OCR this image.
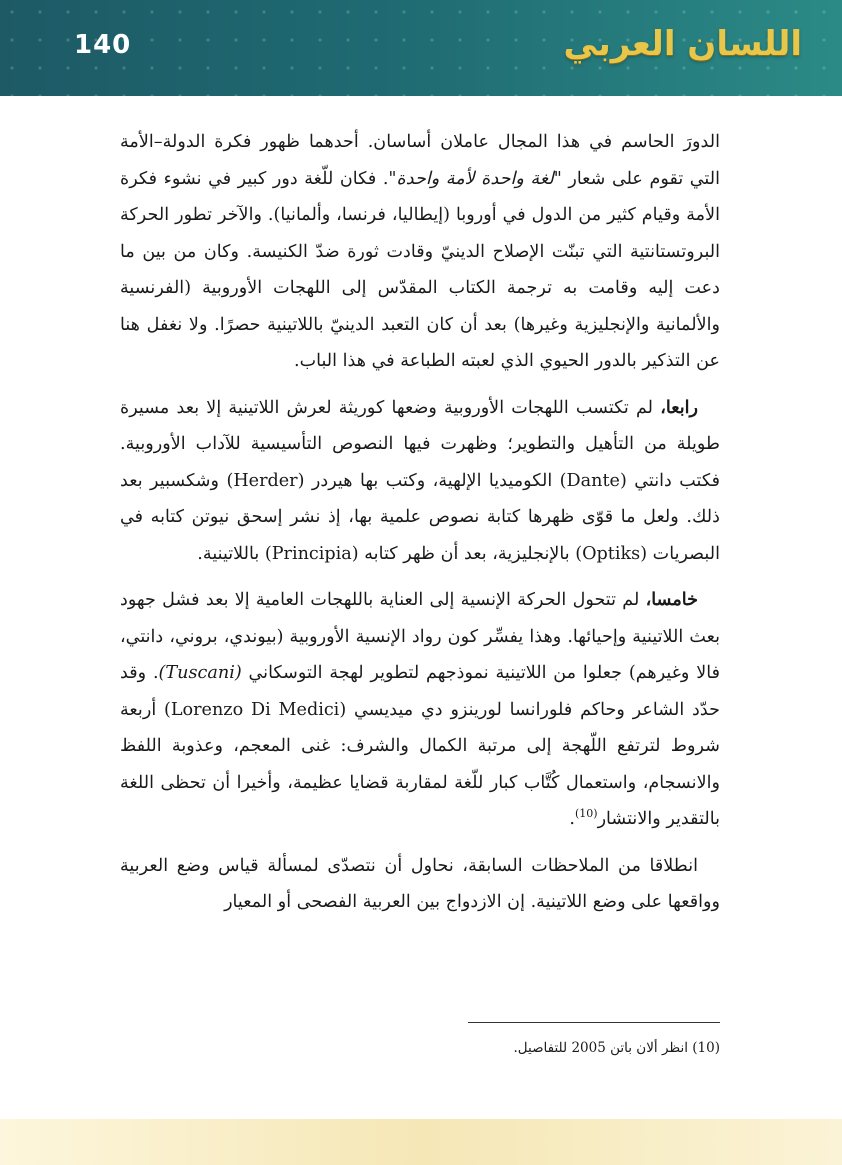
140	اللسان العربي

الدورَ الحاسم في هذا المجال عاملان أساسان. أحدهما ظهور فكرة الدولة–الأمة التي تقوم على شعار "لغة واحدة لأمة واحدة". فكان للّغة دور كبير في نشوء فكرة الأمة وقيام كثير من الدول في أوروبا (إيطاليا، فرنسا، وألمانيا). والآخر تطور الحركة البروتستانتية التي تبنّت الإصلاح الدينيّ وقادت ثورة ضدّ الكنيسة. وكان من بين ما دعت إليه وقامت به ترجمة الكتاب المقدّس إلى اللهجات الأوروبية (الفرنسية والألمانية والإنجليزية وغيرها) بعد أن كان التعبد الدينيّ باللاتينية حصرًا. ولا نغفل هنا عن التذكير بالدور الحيوي الذي لعبته الطباعة في هذا الباب.

رابعا، لم تكتسب اللهجات الأوروبية وضعها كوريثة لعرش اللاتينية إلا بعد مسيرة طويلة من التأهيل والتطوير؛ وظهرت فيها النصوص التأسيسية للآداب الأوروبية. فكتب دانتي (Dante) الكوميديا الإلهية، وكتب بها هيردر (Herder) وشكسبير بعد ذلك. ولعل ما قوّى ظهرها كتابة نصوص علمية بها، إذ نشر إسحق نيوتن كتابه في البصريات (Optiks) بالإنجليزية، بعد أن ظهر كتابه (Principia) باللاتينية.

خامسا، لم تتحول الحركة الإنسية إلى العناية باللهجات العامية إلا بعد فشل جهود بعث اللاتينية وإحيائها. وهذا يفسِّر كون رواد الإنسية الأوروبية (بيوندي، بروني، دانتي، فالا وغيرهم) جعلوا من اللاتينية نموذجهم لتطوير لهجة التوسكاني (Tuscani). وقد حدّد الشاعر وحاكم فلورانسا لورينزو دي ميديسي (Lorenzo Di Medici) أربعة شروط لترتفع اللّهجة إلى مرتبة الكمال والشرف: غنى المعجم، وعذوبة اللفظ والانسجام، واستعمال كُتَّاب كبار للّغة لمقاربة قضايا عظيمة، وأخيرا أن تحظى اللغة بالتقدير والانتشار$^{(10)}$.

انطلاقا من الملاحظات السابقة، نحاول أن نتصدّى لمسألة قياس وضع العربية وواقعها على وضع اللاتينية. إن الازدواج بين العربية الفصحى أو المعيار

(10) انظر ألان باتن 2005 للتفاصيل.
